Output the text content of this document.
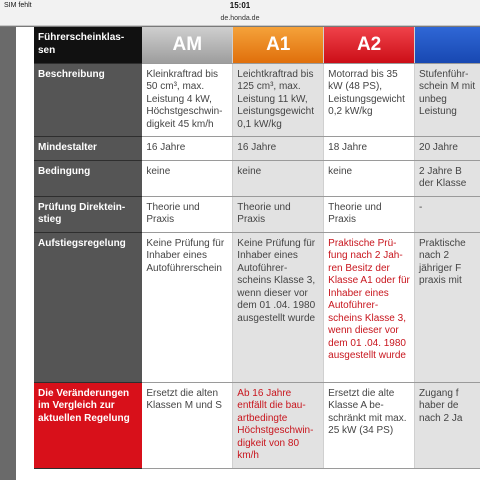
SIM fehlt	15:01
de.honda.de
Führerscheinklas-sen	AM	A1	A2	
Beschreibung	Kleinkraftrad bis 50 cm³, max. Leistung 4 kW, Höchstgeschwin-digkeit 45 km/h	Leichtkraftrad bis 125 cm³, max. Leistung 11 kW, Leistungsgewicht 0,1 kW/kg	Motorrad bis 35 kW (48 PS), Leistungsgewicht 0,2 kW/kg	Stufenführ- schein M mit unbeg Leistung
Mindestalter	16 Jahre	16 Jahre	18 Jahre	20 Jahre
Bedingung	keine	keine	keine	2 Jahre B der Klasse
Prüfung Direktein-stieg	Theorie und Praxis	Theorie und Praxis	Theorie und Praxis	-
Aufstiegsregelung	Keine Prüfung für Inhaber eines Autoführerschein	Keine Prüfung für Inhaber eines Autoführer-scheins Klasse 3, wenn dieser vor dem 01 .04. 1980 ausgestellt wurde	Praktische Prü-fung nach 2 Jah-ren Besitz der Klasse A1 oder für Inhaber eines Autoführer-scheins Klasse 3, wenn dieser vor dem 01 .04. 1980 ausgestellt wurde	Praktische nach 2 jähriger F praxis mit
Die Veränderungen im Vergleich zur aktuellen Regelung	Ersetzt die alten Klassen M und S	Ab 16 Jahre entfällt die bau-artbedingte Höchstgeschwin-digkeit von 80 km/h	Ersetzt die alte Klasse A be-schränkt mit max. 25 kW (34 PS)	Zugang f haber de nach 2 Ja
